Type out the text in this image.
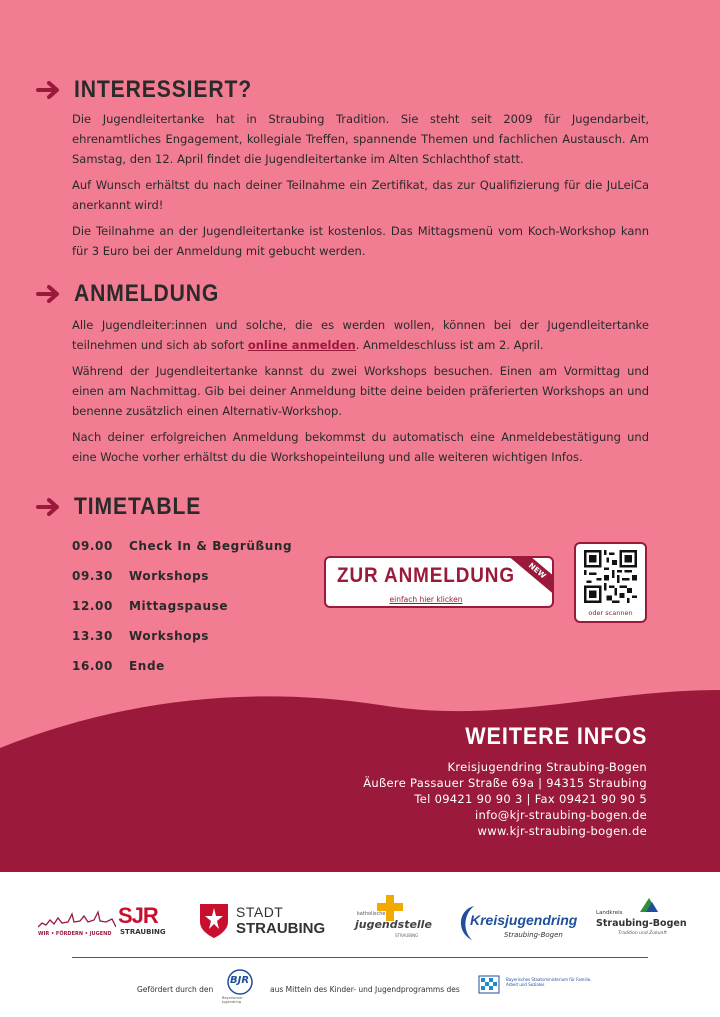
INTERESSIERT?

Die Jugendleitertanke hat in Straubing Tradition. Sie steht seit 2009 für Jugendarbeit, ehrenamtliches Engagement, kollegiale Treffen, spannende Themen und fachlichen Austausch. Am Samstag, den 12. April findet die Jugendleitertanke im Alten Schlachthof statt.

Auf Wunsch erhältst du nach deiner Teilnahme ein Zertifikat, das zur Qualifizierung für die JuLeiCa anerkannt wird!

Die Teilnahme an der Jugendleitertanke ist kostenlos. Das Mittagsmenü vom Koch-Workshop kann für 3 Euro bei der Anmeldung mit gebucht werden.

ANMELDUNG

Alle Jugendleiter:innen und solche, die es werden wollen, können bei der Jugendleitertanke teilnehmen und sich ab sofort online anmelden. Anmeldeschluss ist am 2. April.

Während der Jugendleitertanke kannst du zwei Workshops besuchen. Einen am Vormittag und einen am Nachmittag. Gib bei deiner Anmeldung bitte deine beiden präferierten Workshops an und benenne zusätzlich einen Alternativ-Workshop.

Nach deiner erfolgreichen Anmeldung bekommst du automatisch eine Anmeldebestätigung und eine Woche vorher erhältst du die Workshopeinteilung und alle weiteren wichtigen Infos.

TIMETABLE
09.00 Check In & Begrüßung
09.30 Workshops
12.00 Mittagspause
13.30 Workshops
16.00 Ende
ZUR ANMELDUNG
einfach hier klicken
NEW
oder scannen
WEITERE INFOS
Kreisjugendring Straubing-Bogen
Äußere Passauer Straße 69a | 94315 Straubing
Tel 09421 90 90 3 | Fax 09421 90 90 5
info@kjr-straubing-bogen.de
www.kjr-straubing-bogen.de
WIR • FÖRDERN • JUGEND
SJR
STRAUBING
STADT
STRAUBING
katholische
jugendstelle
STRAUBING
Kreisjugendring
Straubing-Bogen
Landkreis
Straubing-Bogen
Tradition und Zukunft
Gefördert durch den
BJR
Bayerischer Jugendring
aus Mitteln des Kinder- und Jugendprogramms des
Bayerisches Staatsministerium für Familie, Arbeit und Soziales
